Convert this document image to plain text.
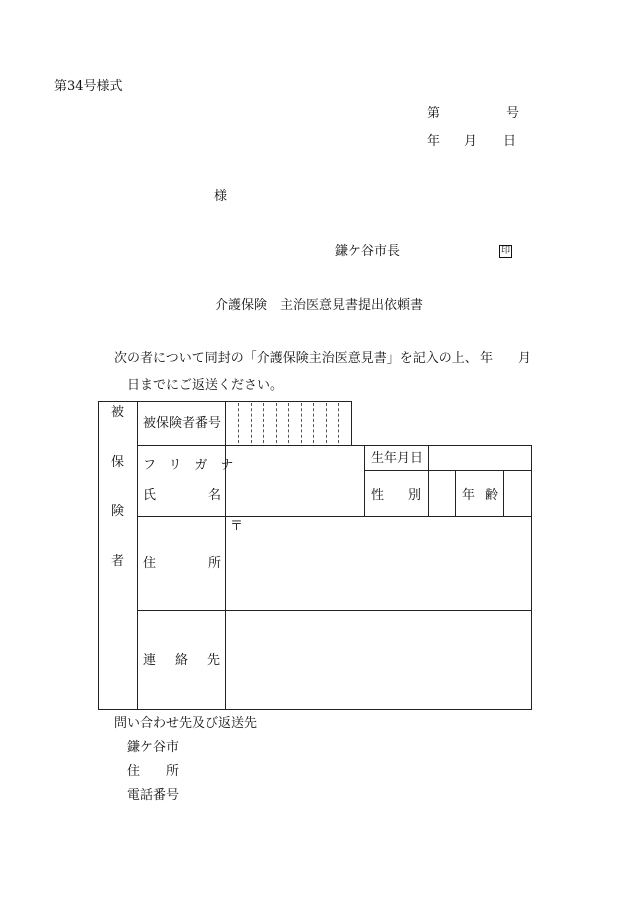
第34号様式
第	号
年 月 日
様
鎌ケ谷市長	印
介護保険　主治医意見書提出依頼書
次の者について同封の「介護保険主治医意見書」を記入の上、 年 月
日までにご返送ください。
被
保
険
者
被保険者番号
フリガナ
氏名
生年月日
性別 年齢
住所
〒
連絡先
問い合わせ先及び返送先
鎌ケ谷市
住　　所
電話番号
